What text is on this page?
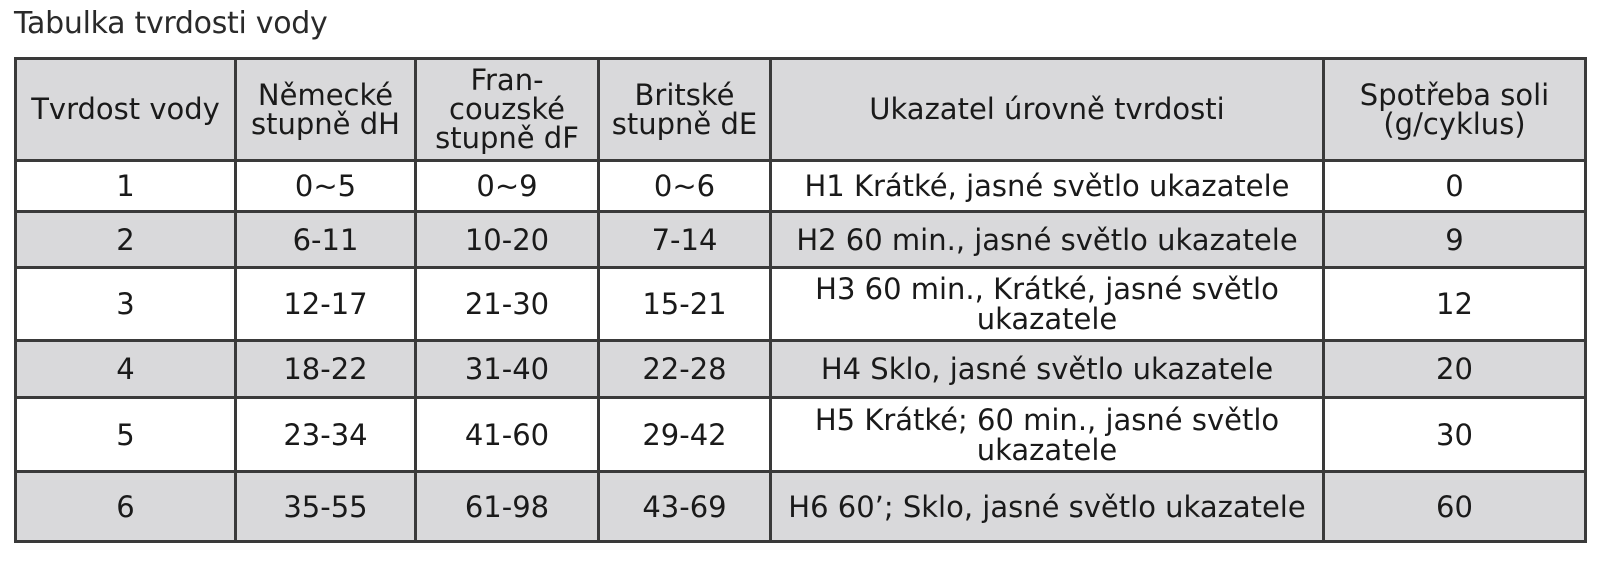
Tabulka tvrdosti vody
Tvrdost vody	Německé stupně dH	Fran-couzské stupně dF	Britské stupně dE	Ukazatel úrovně tvrdosti	Spotřeba soli (g/cyklus)
1	0~5	0~9	0~6	H1 Krátké, jasné světlo ukazatele	0
2	6-11	10-20	7-14	H2 60 min., jasné světlo ukazatele	9
3	12-17	21-30	15-21	H3 60 min., Krátké, jasné světlo ukazatele	12
4	18-22	31-40	22-28	H4 Sklo, jasné světlo ukazatele	20
5	23-34	41-60	29-42	H5 Krátké; 60 min., jasné světlo ukazatele	30
6	35-55	61-98	43-69	H6 60’; Sklo, jasné světlo ukazatele	60
